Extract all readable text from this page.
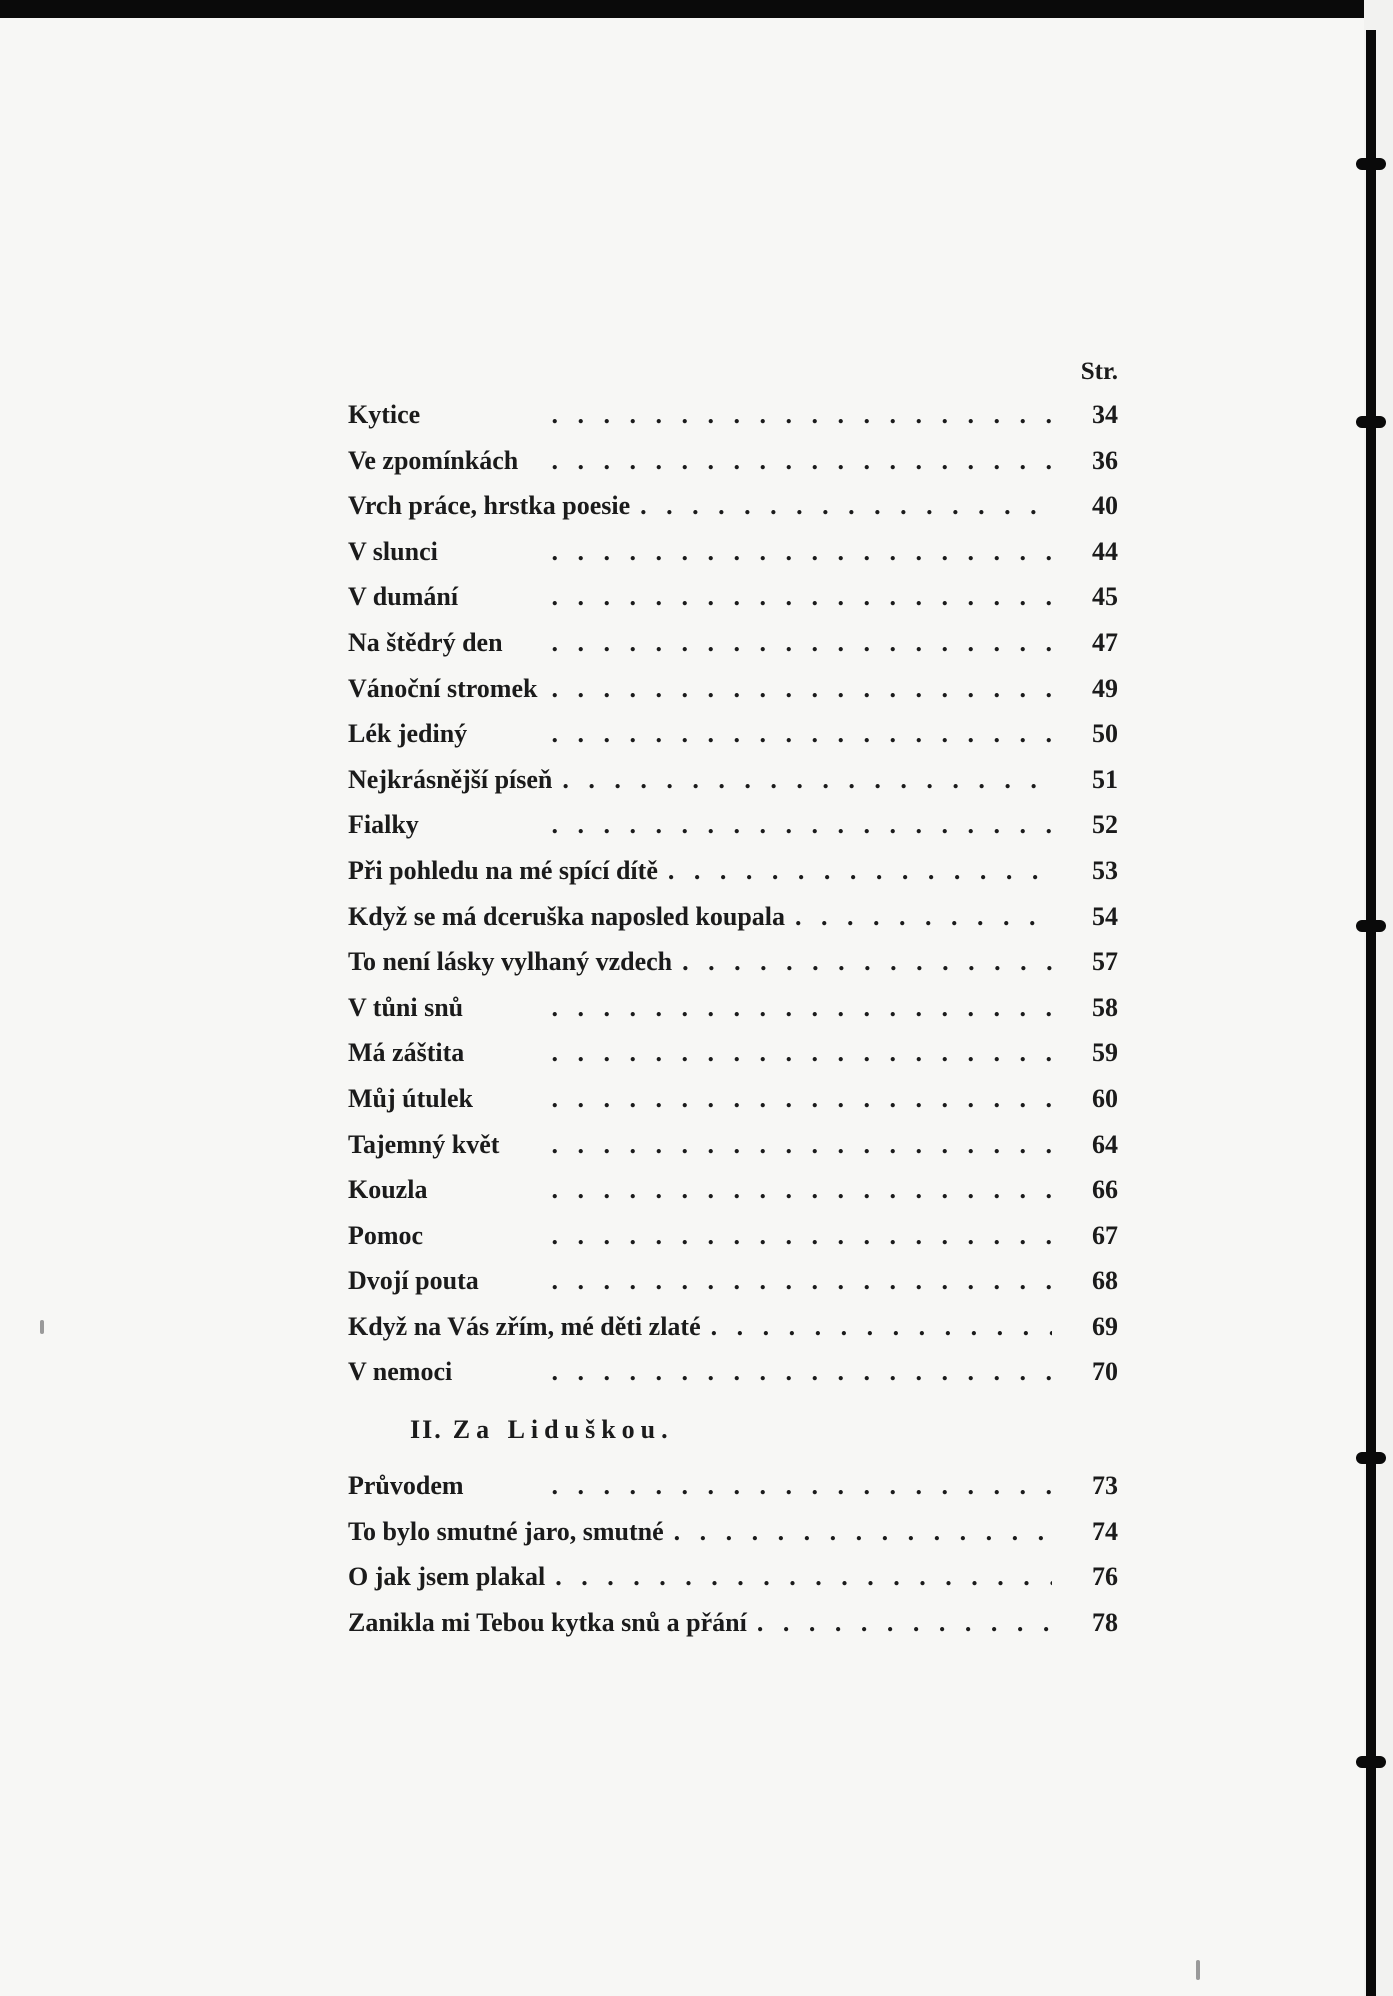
Str.
Kytice . .	34
Ve zpomínkách . .	36
Vrch práce, hrstka poesie . .	40
V slunci . .	44
V dumání . .	45
Na štědrý den . .	47
Vánoční stromek . .	49
Lék jediný . .	50
Nejkrásnější píseň . .	51
Fialky . .	52
Při pohledu na mé spící dítě . .	53
Když se má dceruška naposled koupala . .	54
To není lásky vylhaný vzdech . .	57
V tůni snů . .	58
Má záštita . .	59
Můj útulek . .	60
Tajemný květ . .	64
Kouzla . .	66
Pomoc . .	67
Dvojí pouta . .	68
Když na Vás zřím, mé děti zlaté . .	69
V nemoci . .	70
II. Za Liduškou.
Průvodem . .	73
To bylo smutné jaro, smutné . .	74
O jak jsem plakal . .	76
Zanikla mi Tebou kytka snů a přání . .	78
